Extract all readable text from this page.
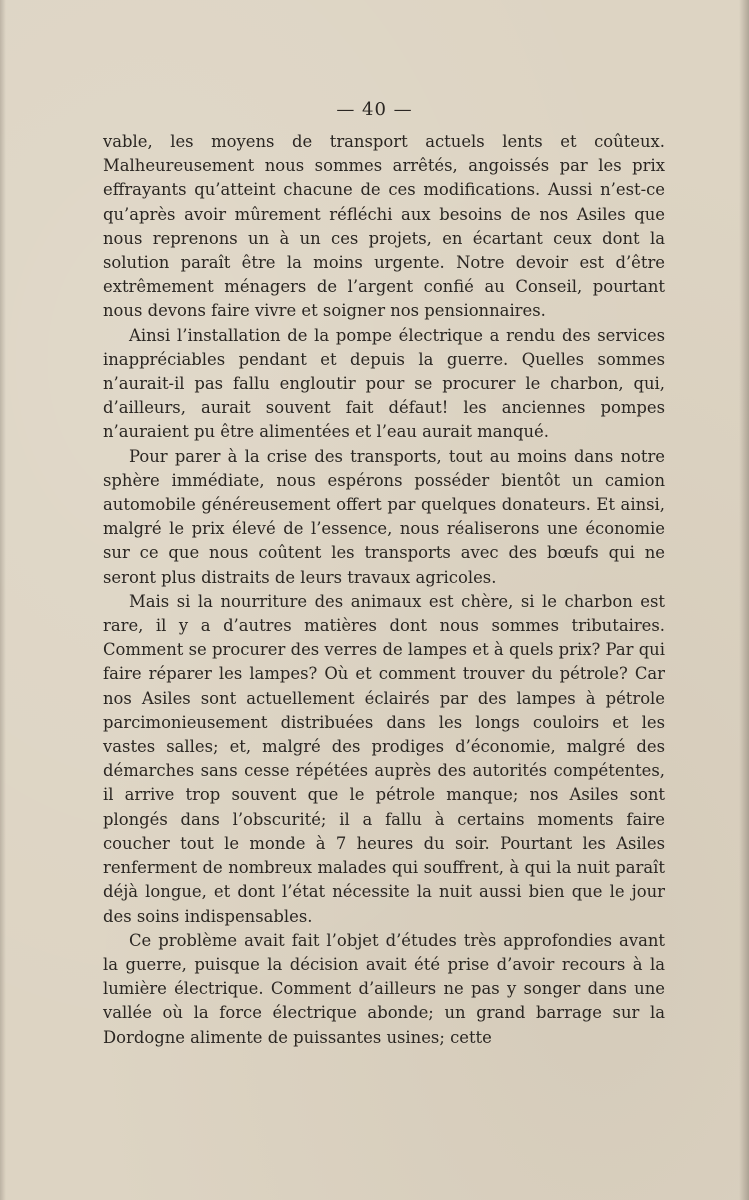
— 40 —

vable, les moyens de transport actuels lents et coûteux. Malheureusement nous sommes arrêtés, angoissés par les prix effrayants qu’atteint chacune de ces modifications. Aussi n’est-ce qu’après avoir mûrement réfléchi aux besoins de nos Asiles que nous reprenons un à un ces projets, en écartant ceux dont la solution paraît être la moins urgente. Notre devoir est d’être extrêmement ménagers de l’argent confié au Conseil, pourtant nous devons faire vivre et soigner nos pensionnaires.

Ainsi l’installation de la pompe électrique a rendu des services inappréciables pendant et depuis la guerre. Quelles sommes n’aurait-il pas fallu engloutir pour se procurer le charbon, qui, d’ailleurs, aurait souvent fait défaut! les anciennes pompes n’auraient pu être alimentées et l’eau aurait manqué.

Pour parer à la crise des transports, tout au moins dans notre sphère immédiate, nous espérons posséder bientôt un camion automobile généreusement offert par quelques donateurs. Et ainsi, malgré le prix élevé de l’essence, nous réaliserons une économie sur ce que nous coûtent les transports avec des bœufs qui ne seront plus distraits de leurs travaux agricoles.

Mais si la nourriture des animaux est chère, si le charbon est rare, il y a d’autres matières dont nous sommes tributaires. Comment se procurer des verres de lampes et à quels prix? Par qui faire réparer les lampes? Où et comment trouver du pétrole? Car nos Asiles sont actuellement éclairés par des lampes à pétrole parcimonieusement distribuées dans les longs couloirs et les vastes salles; et, malgré des prodiges d’économie, malgré des démarches sans cesse répétées auprès des autorités compétentes, il arrive trop souvent que le pétrole manque; nos Asiles sont plongés dans l’obscurité; il a fallu à certains moments faire coucher tout le monde à 7 heures du soir. Pourtant les Asiles renferment de nombreux malades qui souffrent, à qui la nuit paraît déjà longue, et dont l’état nécessite la nuit aussi bien que le jour des soins indispensables.

Ce problème avait fait l’objet d’études très approfondies avant la guerre, puisque la décision avait été prise d’avoir recours à la lumière électrique. Comment d’ailleurs ne pas y songer dans une vallée où la force électrique abonde; un grand barrage sur la Dordogne alimente de puissantes usines; cette
